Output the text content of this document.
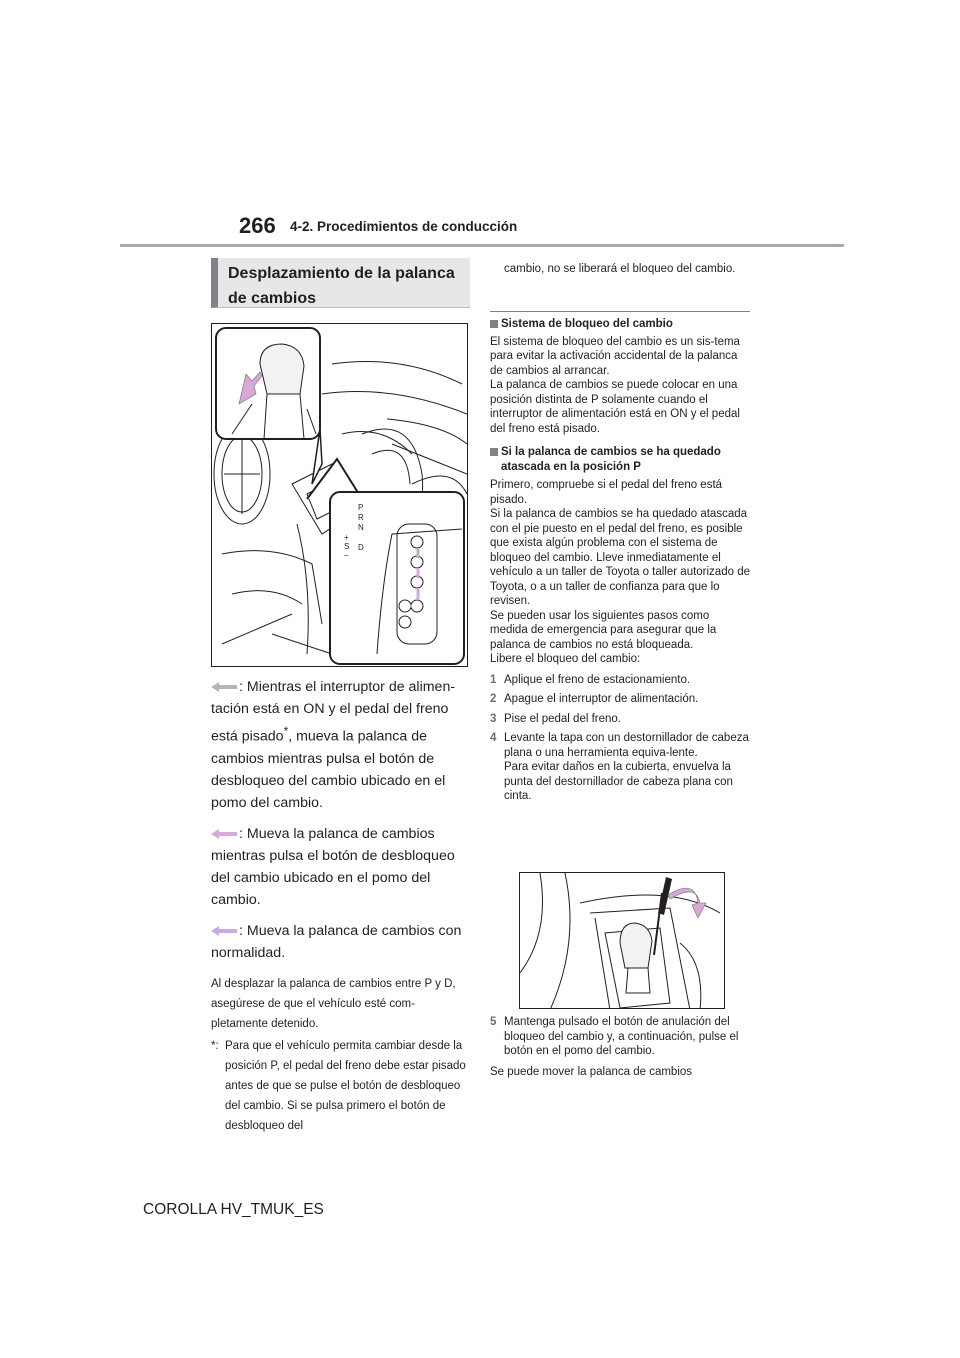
266 4-2. Procedimientos de conducción
Desplazamiento de la palanca de cambios
P
R
N
D
+
S
−
: Mientras el interruptor de alimen-tación está en ON y el pedal del freno está pisado*, mueva la palanca de cambios mientras pulsa el botón de desbloqueo del cambio ubicado en el pomo del cambio.
: Mueva la palanca de cambios mientras pulsa el botón de desbloqueo del cambio ubicado en el pomo del cambio.
: Mueva la palanca de cambios con normalidad.
Al desplazar la palanca de cambios entre P y D, asegúrese de que el vehículo esté com-pletamente detenido.
*: Para que el vehículo permita cambiar desde la posición P, el pedal del freno debe estar pisado antes de que se pulse el botón de desbloqueo del cambio. Si se pulsa primero el botón de desbloqueo del
cambio, no se liberará el bloqueo del cambio.
Sistema de bloqueo del cambio
El sistema de bloqueo del cambio es un sis-tema para evitar la activación accidental de la palanca de cambios al arrancar.
La palanca de cambios se puede colocar en una posición distinta de P solamente cuando el interruptor de alimentación está en ON y el pedal del freno está pisado.
Si la palanca de cambios se ha quedado atascada en la posición P
Primero, compruebe si el pedal del freno está pisado.
Si la palanca de cambios se ha quedado atascada con el pie puesto en el pedal del freno, es posible que exista algún problema con el sistema de bloqueo del cambio. Lleve inmediatamente el vehículo a un taller de Toyota o taller autorizado de Toyota, o a un taller de confianza para que lo revisen.
Se pueden usar los siguientes pasos como medida de emergencia para asegurar que la palanca de cambios no está bloqueada.
Libere el bloqueo del cambio:
1 Aplique el freno de estacionamiento.
2 Apague el interruptor de alimentación.
3 Pise el pedal del freno.
4 Levante la tapa con un destornillador de cabeza plana o una herramienta equiva-lente.
Para evitar daños en la cubierta, envuelva la punta del destornillador de cabeza plana con cinta.
5 Mantenga pulsado el botón de anulación del bloqueo del cambio y, a continuación, pulse el botón en el pomo del cambio.
Se puede mover la palanca de cambios
COROLLA HV_TMUK_ES
